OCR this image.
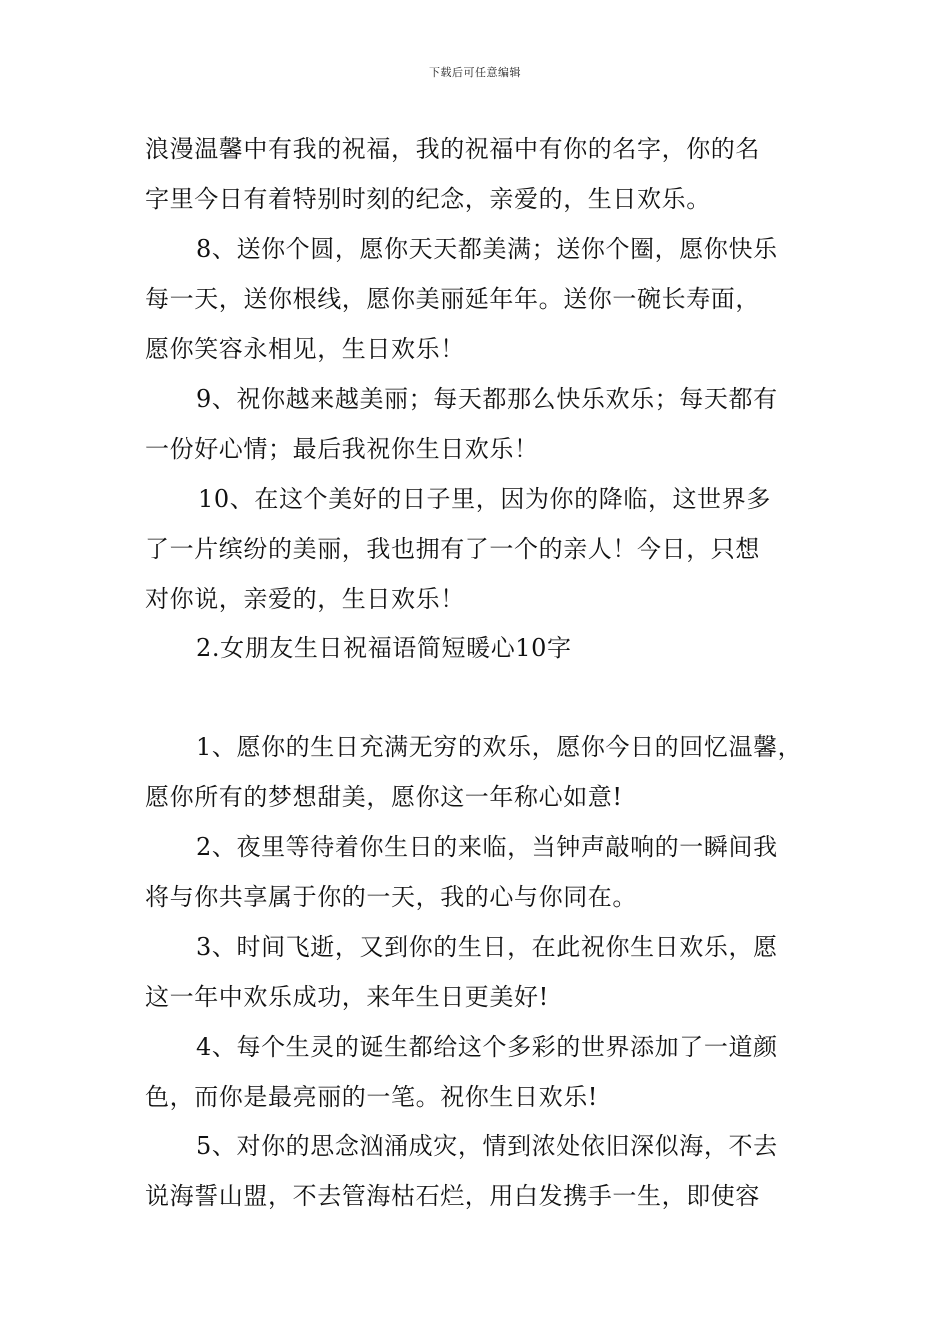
下载后可任意编辑
浪漫温馨中有我的祝福，我的祝福中有你的名字，你的名
字里今日有着特别时刻的纪念，亲爱的，生日欢乐。
8、送你个圆，愿你天天都美满；送你个圈，愿你快乐
每一天，送你根线，愿你美丽延年年。送你一碗长寿面，
愿你笑容永相见，生日欢乐！
9、祝你越来越美丽；每天都那么快乐欢乐；每天都有
一份好心情；最后我祝你生日欢乐！
10、在这个美好的日子里，因为你的降临，这世界多
了一片缤纷的美丽，我也拥有了一个的亲人！今日，只想
对你说，亲爱的，生日欢乐！
2.女朋友生日祝福语简短暖心10字
1、愿你的生日充满无穷的欢乐，愿你今日的回忆温馨，
愿你所有的梦想甜美，愿你这一年称心如意!
2、夜里等待着你生日的来临，当钟声敲响的一瞬间我
将与你共享属于你的一天，我的心与你同在。
3、时间飞逝，又到你的生日，在此祝你生日欢乐，愿
这一年中欢乐成功，来年生日更美好!
4、每个生灵的诞生都给这个多彩的世界添加了一道颜
色，而你是最亮丽的一笔。祝你生日欢乐!
5、对你的思念汹涌成灾，情到浓处依旧深似海，不去
说海誓山盟，不去管海枯石烂，用白发携手一生，即使容
